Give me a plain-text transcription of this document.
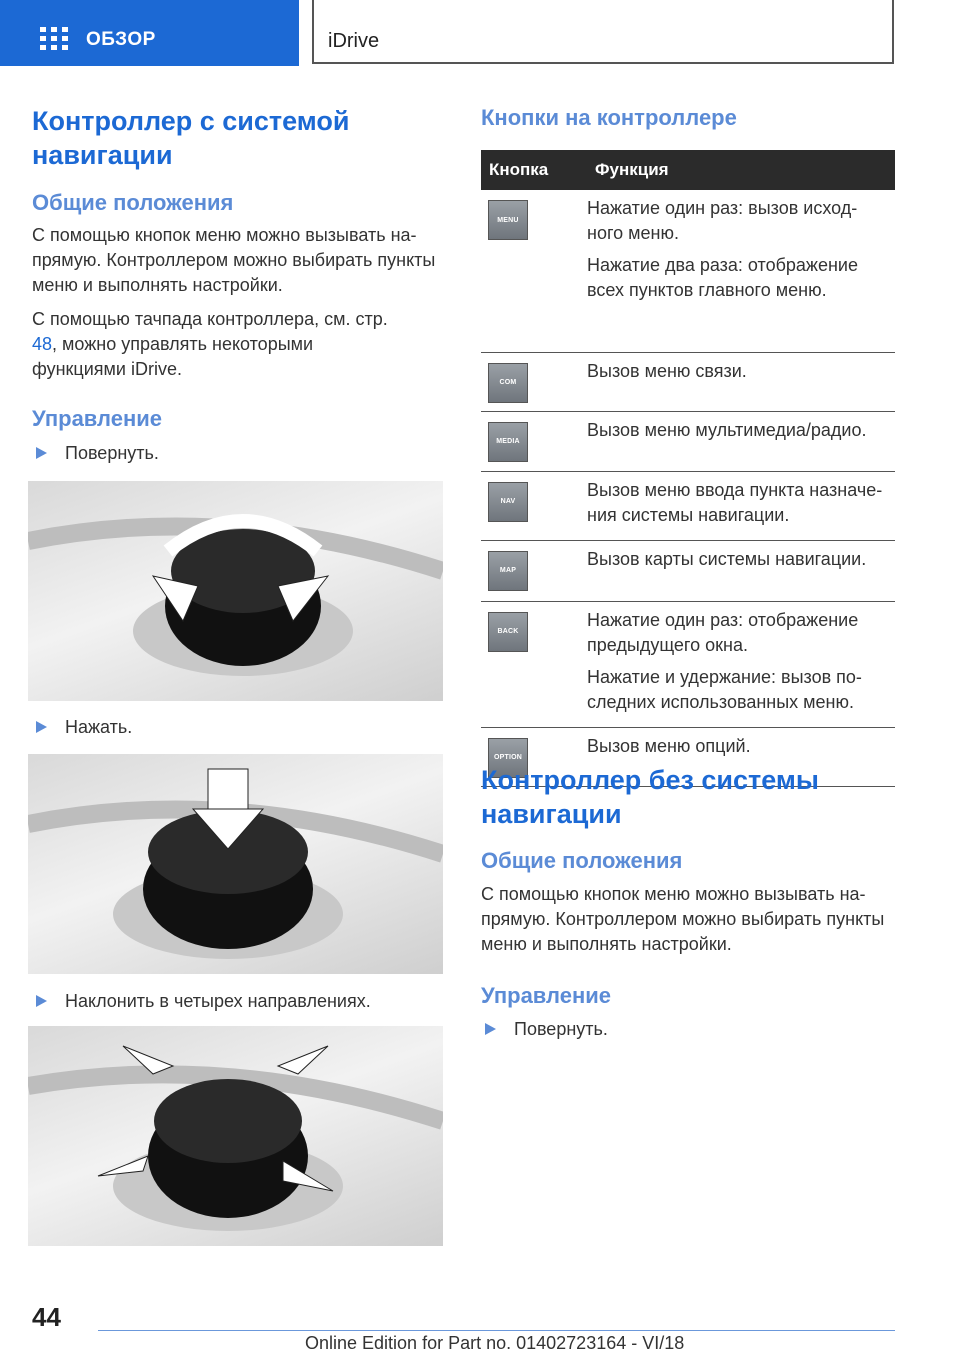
ОБЗОР	iDrive
Контроллер с системой навигации
Общие положения

С помощью кнопок меню можно вызывать на-прямую. Контроллером можно выбирать пункты меню и выполнять настройки.

С помощью тачпада контроллера, см. стр. 48, можно управлять некоторыми функциями iDrive.

Управление
Повернуть.
Нажать.
Наклонить в четырех направлениях.
Кнопки на контроллере
Кнопка	Функция

MENU	Нажатие один раз: вызов исход-ного меню.
Нажатие два раза: отображение всех пунктов главного меню.

COM	Вызов меню связи.

MEDIA	Вызов меню мультимедиа/радио.

NAV	Вызов меню ввода пункта назначе-ния системы навигации.

MAP	Вызов карты системы навигации.

BACK	Нажатие один раз: отображение предыдущего окна.
Нажатие и удержание: вызов по-следних использованных меню.

OPTION	Вызов меню опций.
Контроллер без системы навигации
Общие положения

С помощью кнопок меню можно вызывать на-прямую. Контроллером можно выбирать пункты меню и выполнять настройки.

Управление
Повернуть.
44
Online Edition for Part no. 01402723164 - VI/18
